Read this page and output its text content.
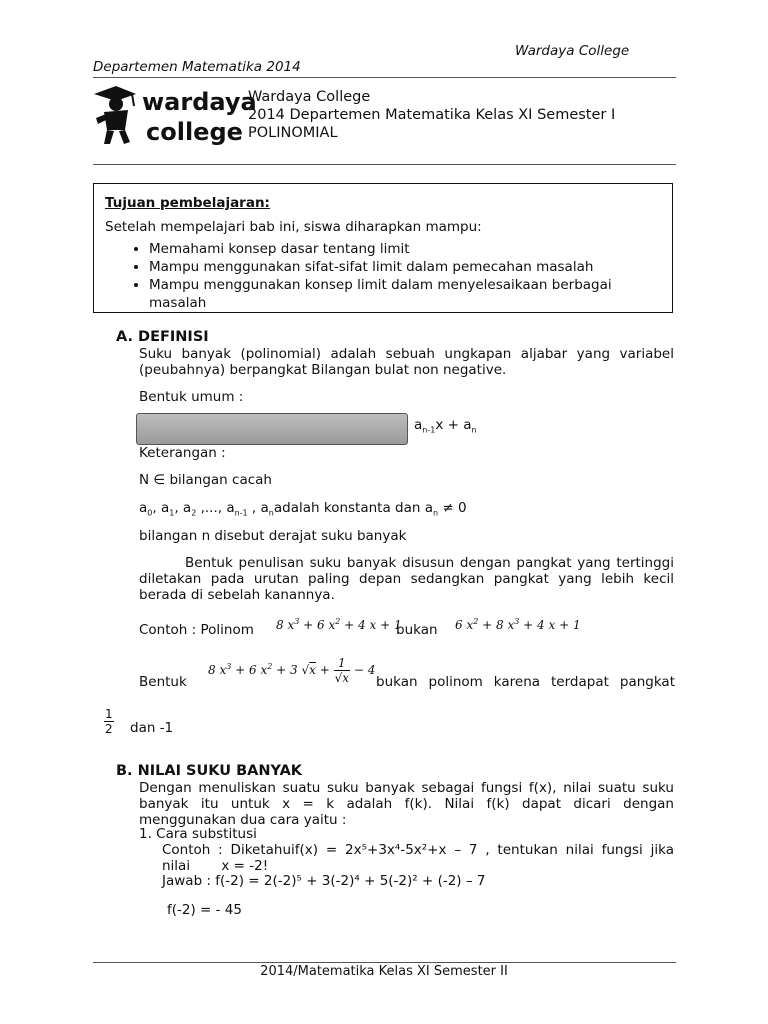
Wardaya College
Departemen Matematika 2014
wardaya
college
Wardaya College
2014 Departemen Matematika Kelas XI Semester I
POLINOMIAL
Tujuan pembelajaran:
Setelah mempelajari bab ini, siswa diharapkan mampu:
• Memahami konsep dasar tentang limit
• Mampu menggunakan sifat-sifat limit dalam pemecahan masalah
• Mampu menggunakan konsep limit dalam menyelesaikaan berbagai masalah
A. DEFINISI
Suku banyak (polinomial) adalah sebuah ungkapan aljabar yang variabel (peubahnya) berpangkat Bilangan bulat non negative.
Bentuk umum :
$a_{n-1}x + a_n$
Keterangan :
N ∈ bilangan cacah
$a_0$, $a_1$, $a_2$ ,..., $a_{n-1}$ , $a_nadalah$ konstanta dan $a_n \ne 0$
bilangan n disebut derajat suku banyak
Bentuk penulisan suku banyak disusun dengan pangkat yang tertinggi diletakan pada urutan paling depan sedangkan pangkat yang lebih kecil berada di sebelah kanannya.
Contoh : Polinom 8 $x^3 + 6$ $x^2 + 4$ x + 1
bukan 6 $x^2 + 8$ $x^3 + 4$ x + 1
Bentuk
8 $x^3 + 6$ $x^2 + 3$ $√x + \frac{1}{√x} - 4$
bukan polinom karena terdapat pangkat
$\frac{1}{2}$ dan -1
B. NILAI SUKU BANYAK
Dengan menuliskan suatu suku banyak sebagai fungsi f(x), nilai suatu suku banyak itu untuk x = k adalah f(k). Nilai f(k) dapat dicari dengan menggunakan dua cara yaitu :
1. Cara substitusi
Contoh : Diketahuif(x) = 2x⁵+3x⁴-5x²+x – 7 , tentukan nilai fungsi jika nilai   x = -2!
Jawab : f(-2) = 2(-2)⁵ + 3(-2)⁴ + 5(-2)² + (-2) – 7
f(-2) = - 45
2014/Matematika Kelas XI Semester II
